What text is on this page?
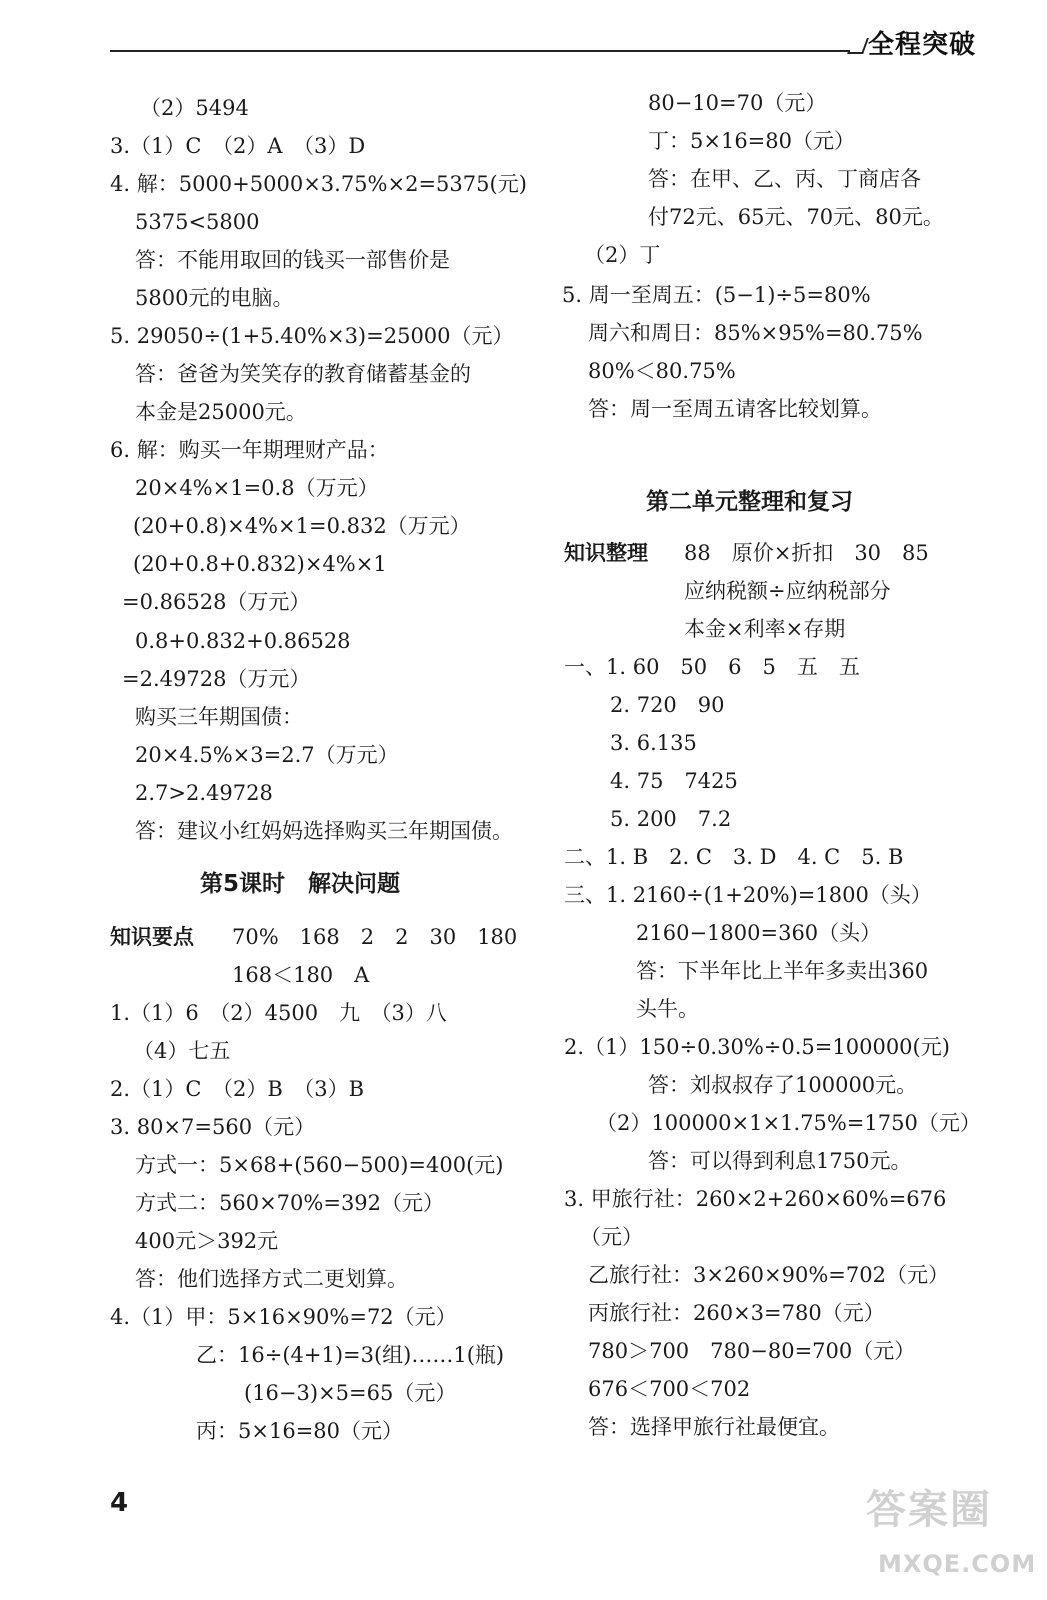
全程突破
（2）5494
3.（1）C　（2）A　（3）D
4. 解：5000+5000×3.75%×2=5375(元)
5375<5800
答：不能用取回的钱买一部售价是
5800元的电脑。
5. 29050÷(1+5.40%×3)=25000（元）
答：爸爸为笑笑存的教育储蓄基金的
本金是25000元。
6. 解：购买一年期理财产品：
20×4%×1=0.8（万元）
(20+0.8)×4%×1=0.832（万元）
(20+0.8+0.832)×4%×1
=0.86528（万元）
0.8+0.832+0.86528
=2.49728（万元）
购买三年期国债：
20×4.5%×3=2.7（万元）
2.7>2.49728
答：建议小红妈妈选择购买三年期国债。
第5课时　解决问题
知识要点 70%　168　2　2　30　180
168＜180　A
1.（1）6　（2）4500　九　（3）八
（4）七五
2.（1）C　（2）B　（3）B
3. 80×7=560（元）
方式一：5×68+(560−500)=400(元)
方式二：560×70%=392（元）
400元＞392元
答：他们选择方式二更划算。
4.（1）甲：5×16×90%=72（元）
乙：16÷(4+1)=3(组)……1(瓶)
(16−3)×5=65（元）
丙：5×16=80（元）
80−10=70（元）
丁：5×16=80（元）
答：在甲、乙、丙、丁商店各
付72元、65元、70元、80元。
（2）丁
5. 周一至周五：(5−1)÷5=80%
周六和周日：85%×95%=80.75%
80%＜80.75%
答：周一至周五请客比较划算。
第二单元整理和复习
知识整理 88　原价×折扣　30　85
应纳税额÷应纳税部分
本金×利率×存期
一、1. 60　50　6　5　五　五
2. 720　90
3. 6.135
4. 75　7425
5. 200　7.2
二、1. B　2. C　3. D　4. C　5. B
三、1. 2160÷(1+20%)=1800（头）
2160−1800=360（头）
答：下半年比上半年多卖出360
头牛。
2.（1）150÷0.30%÷0.5=100000(元)
答：刘叔叔存了100000元。
（2）100000×1×1.75%=1750（元）
答：可以得到利息1750元。
3. 甲旅行社：260×2+260×60%=676
（元）
乙旅行社：3×260×90%=702（元）
丙旅行社：260×3=780（元）
780＞700　780−80=700（元）
676＜700＜702
答：选择甲旅行社最便宜。
4	答案圈
MXQE.COM
